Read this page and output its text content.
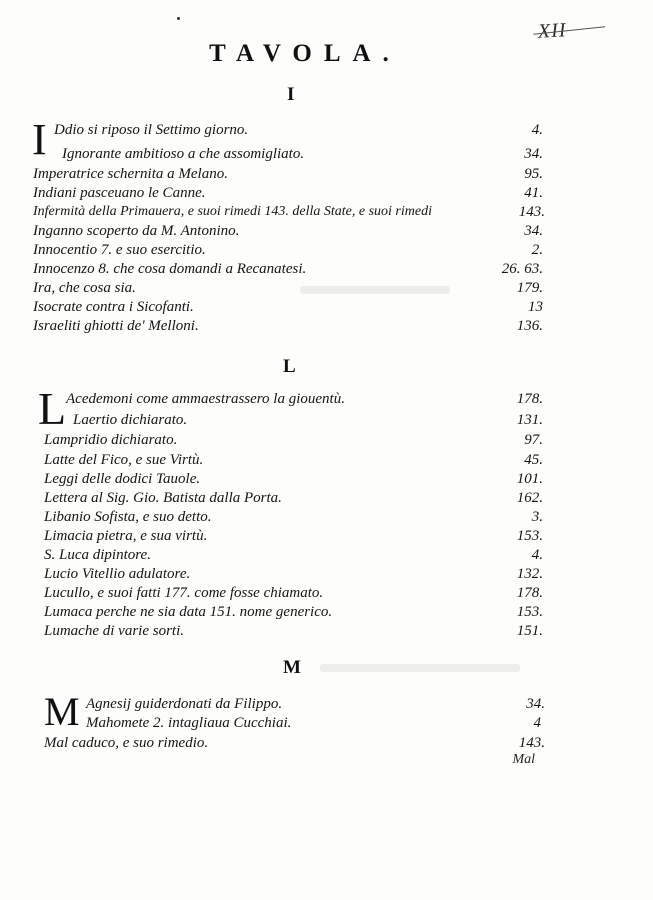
XII
TAVOLA.
I
I Ddio si riposo il Settimo giorno.	4.
Ignorante ambitioso a che assomigliato.	34.
Imperatrice schernita a Melano.	95.
Indiani pasceuano le Canne.	41.
Infermità della Primauera, e suoi rimedi 143. della State, e suoi rimedi	143.
Inganno scoperto da M. Antonino.	34.
Innocentio 7. e suo esercitio.	2.
Innocenzo 8. che cosa domandi a Recanatesi.	26. 63.
Ira, che cosa sia.	179.
Isocrate contra i Sicofanti.	13
Israeliti ghiotti de' Melloni.	136.
L
L Acedemoni come ammaestrassero la giouentù.	178.
Laertio dichiarato.	131.
Lampridio dichiarato.	97.
Latte del Fico, e sue Virtù.	45.
Leggi delle dodici Tauole.	101.
Lettera al Sig. Gio. Batista dalla Porta.	162.
Libanio Sofista, e suo detto.	3.
Limacia pietra, e sua virtù.	153.
S. Luca dipintore.	4.
Lucio Vitellio adulatore.	132.
Lucullo, e suoi fatti 177. come fosse chiamato.	178.
Lumaca perche ne sia data 151. nome generico.	153.
Lumache di varie sorti.	151.
M
M Agnesij guiderdonati da Filippo.	34.
Mahomete 2. intagliaua Cucchiai.	4
Mal caduco, e suo rimedio.	143.
Mal
